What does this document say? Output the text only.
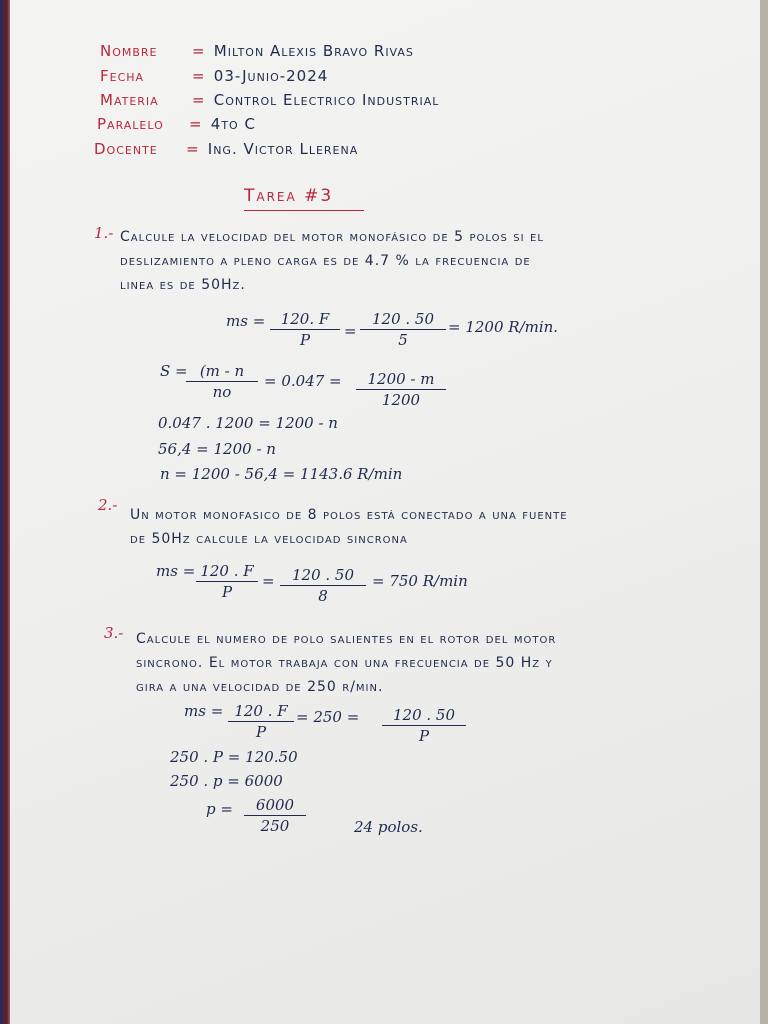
Nombre = Milton Alexis Bravo Rivas
Fecha	= 03-Junio-2024
Materia = Control Electrico Industrial
Paralelo = 4to C
Docente = Ing. Victor Llerena
Tarea #3
1.- Calcule la velocidad del motor monofásico de 5 polos si el
deslizamiento a pleno carga es de 4.7 % la frecuencia de
linea es de 50Hz.
ms = $\frac{120. F}{P} = \frac{120 . 50}{5} = 1200$ R/min.
S =
$\frac{(m - n}{no} = 0.047 = \frac{1200 - m}{1200}$
0.047 . 1200 = 1200 - n
56,4 = 1200 - n
n = 1200 - 56,4 = 1143.6 R/min
2.-
Un motor monofasico de 8 polos está conectado a una fuente
de 50Hz calcule la velocidad sincrona
ms = $\frac{120 . F}{P} = \frac{120 . 50}{8} = 750$ R/min
3.- Calcule el numero de polo salientes en el rotor del motor
sincrono. El motor trabaja con una frecuencia de 50 Hz y
gira a una velocidad de 250 r/min.
ms = $\frac{120 . F}{P} = 250 = \frac{120 . 50}{P}$
250 . P = 120.50
250 . p = 6000
$p = \frac{6000}{250}$	24 polos.
